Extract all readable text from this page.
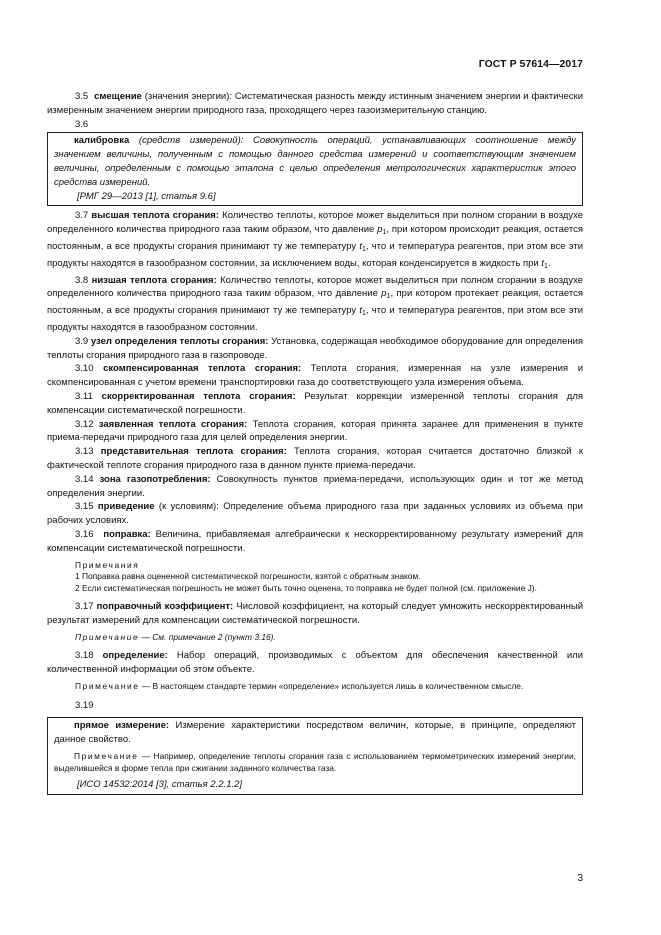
ГОСТ Р 57614—2017

3.5 смещение (значения энергии): Систематическая разность между истинным значением энергии и фактически измеренным значением энергии природного газа, проходящего через газоизмерительную станцию.

3.6

калибровка (средств измерений): Совокупность операций, устанавливающих соотношение между значением величины, полученным с помощью данного средства измерений и соответствующим значением величины, определенным с помощью эталона с целью определения метрологических характеристик этого средства измерений.

[РМГ 29—2013 [1], статья 9.6]

3.7 высшая теплота сгорания: Количество теплоты, которое может выделиться при полном сгорании в воздухе определенного количества природного газа таким образом, что давление $p_1$, при котором происходит реакция, остается постоянным, а все продукты сгорания принимают ту же температуру $t_1$, что и температура реагентов, при этом все эти продукты находятся в газообразном состоянии, за исключением воды, которая конденсируется в жидкость при $t_1$.

3.8 низшая теплота сгорания: Количество теплоты, которое может выделиться при полном сгорании в воздухе определенного количества природного газа таким образом, что давление $p_1$, при котором протекает реакция, остается постоянным, а все продукты сгорания принимают ту же температуру $t_1$, что и температура реагентов, при этом все эти продукты находятся в газообразном состоянии.

3.9 узел определения теплоты сгорания: Установка, содержащая необходимое оборудование для определения теплоты сгорания природного газа в газопроводе.

3.10 скомпенсированная теплота сгорания: Теплота сгорания, измеренная на узле измерения и скомпенсированная с учетом времени транспортировки газа до соответствующего узла измерения объема.

3.11 скорректированная теплота сгорания: Результат коррекции измеренной теплоты сгорания для компенсации систематической погрешности.

3.12 заявленная теплота сгорания: Теплота сгорания, которая принята заранее для применения в пункте приема-передачи природного газа для целей определения энергии.

3.13 представительная теплота сгорания: Теплота сгорания, которая считается достаточно близкой к фактической теплоте сгорания природного газа в данном пункте приема-передачи.

3.14 зона газопотребления: Совокупность пунктов приема-передачи, использующих один и тот же метод определения энергии.

3.15 приведение (к условиям): Определение объема природного газа при заданных условиях из объема при рабочих условиях.

3.16 поправка: Величина, прибавляемая алгебраически к нескорректированному результату измерений для компенсации систематической погрешности.

Примечания

1 Поправка равна оцененной систематической погрешности, взятой с обратным знаком.

2 Если систематическая погрешность не может быть точно оценена, то поправка не будет полной (см. приложение J).

3.17 поправочный коэффициент: Числовой коэффициент, на который следует умножить нескорректированный результат измерений для компенсации систематической погрешности.

Примечание — См. примечание 2 (пункт 3.16).

3.18 определение: Набор операций, производимых с объектом для обеспечения качественной или количественной информации об этом объекте.

Примечание — В настоящем стандарте термин «определение» используется лишь в количественном смысле.

3.19

прямое измерение: Измерение характеристики посредством величин, которые, в принципе, определяют данное свойство.

Примечание — Например, определение теплоты сгорания газа с использованием термометрических измерений энергии, выделившейся в форме тепла при сжигании заданного количества газа.

[ИСО 14532:2014 [3], статья 2.2.1.2]

3
